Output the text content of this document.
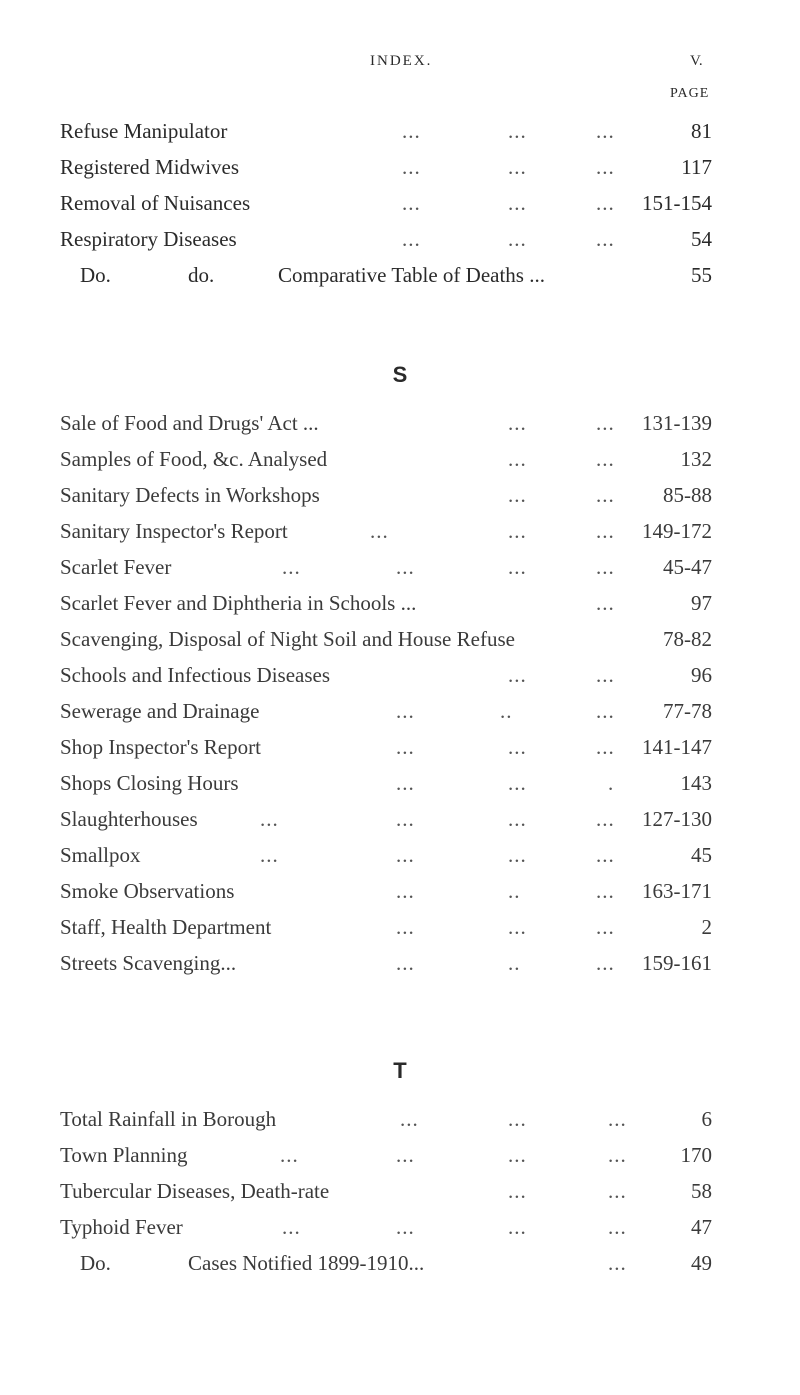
INDEX.	V.
PAGE
Refuse Manipulator	...	...	...	81
Registered Midwives	...	...	...	117
Removal of Nuisances	...	...	... 151-154
Respiratory Diseases	...	...	...	54
Do.	do.	Comparative Table of Deaths ...	55
S
Sale of Food and Drugs' Act ...	...	... 131-139
Samples of Food, &c. Analysed	...	...	132
Sanitary Defects in Workshops	...	... 85-88
Sanitary Inspector's Report	...	...	... 149-172
Scarlet Fever	...	...	...	... 45-47
Scarlet Fever and Diphtheria in Schools ...	...	97
Scavenging, Disposal of Night Soil and House Refuse	78-82
Schools and Infectious Diseases	...	...	96
Sewerage and Drainage	...	..	... 77-78
Shop Inspector's Report	...	...	... 141-147
Shops Closing Hours	...	...	.	143
Slaughterhouses	...	...	...	... 127-130
Smallpox	...	...	...	...	45
Smoke Observations	...	..	... 163-171
Staff, Health Department	...	...	...	2
Streets Scavenging...	...	..	... 159-161
T
Total Rainfall in Borough	...	...	...	6
Town Planning	...	...	...	...	170
Tubercular Diseases, Death-rate	...	...	58
Typhoid Fever	...	...	...	...	47
Do.	Cases Notified 1899-1910...	...	49
